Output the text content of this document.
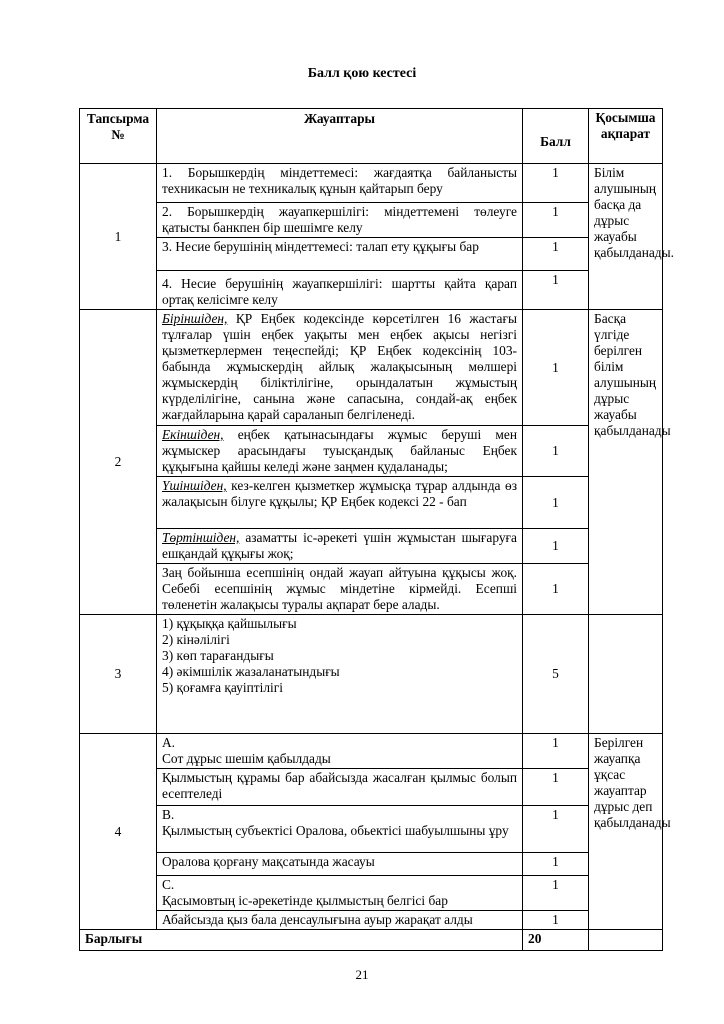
Балл қою кестесі
Тапсырма №	Жауаптары	Балл	Қосымша ақпарат
1	1. Борышкердің міндеттемесі: жағдаятқа байланысты техникасын не техникалық құнын қайтарып беру	1	Білім алушының басқа да дұрыс жауабы қабылданады.
	2. Борышкердің жауапкершілігі: міндеттемені төлеуге қатысты банкпен бір шешімге келу	1	
	3. Несие берушінің міндеттемесі: талап ету құқығы бар	1	
	4. Несие берушінің жауапкершілігі: шартты қайта қарап ортақ келісімге келу	1	
2	Біріншіден, ҚР Еңбек кодексінде көрсетілген 16 жастағы тұлғалар үшін еңбек уақыты мен еңбек ақысы негізгі қызметкерлермен теңеспейді; ҚР Еңбек кодексінің 103-бабында жұмыскердің айлық жалақысының мөлшері жұмыскердің біліктілігіне, орындалатын жұмыстың күрделілігіне, санына және сапасына, сондай-ақ еңбек жағдайларына қарай сараланып белгіленеді.	1	Басқа үлгіде берілген білім алушының дұрыс жауабы қабылданады
	Екіншіден, еңбек қатынасындағы жұмыс беруші мен жұмыскер арасындағы туысқандық байланыс Еңбек құқығына қайшы келеді және заңмен қудаланады;	1	
	Үшіншіден, кез-келген қызметкер жұмысқа тұрар алдында өз жалақысын білуге құқылы; ҚР Еңбек кодексі 22 - бап	1	
	Төртіншіден, азаматты іс-әрекеті үшін жұмыстан шығаруға ешқандай құқығы жоқ;	1	
	Заң бойынша есепшінің ондай жауап айтуына құқысы жоқ. Себебі есепшінің жұмыс міндетіне кірмейді. Есепші төленетін жалақысы туралы ақпарат бере алады.	1	
3	1) құқыққа қайшылығы
2) кінәлілігі
3) көп тарағандығы
4) әкімшілік жазаланатындығы
5) қоғамға қауіптілігі	5	
4	А.
Сот дұрыс шешім қабылдады	1	Берілген жауапқа ұқсас жауаптар дұрыс деп қабылданады
	Қылмыстың құрамы бар абайсызда жасалған қылмыс болып есептеледі	1	

	В.
Қылмыстың субъектісі Оралова, обьектісі шабуылшыны ұру	1	
	Оралова қорғану мақсатында жасауы	1	

	С.
Қасымовтың іс-әрекетінде қылмыстың белгісі бар	1	
	Абайсызда қыз бала денсаулығына ауыр жарақат алды	1	
Барлығы		20	
21
